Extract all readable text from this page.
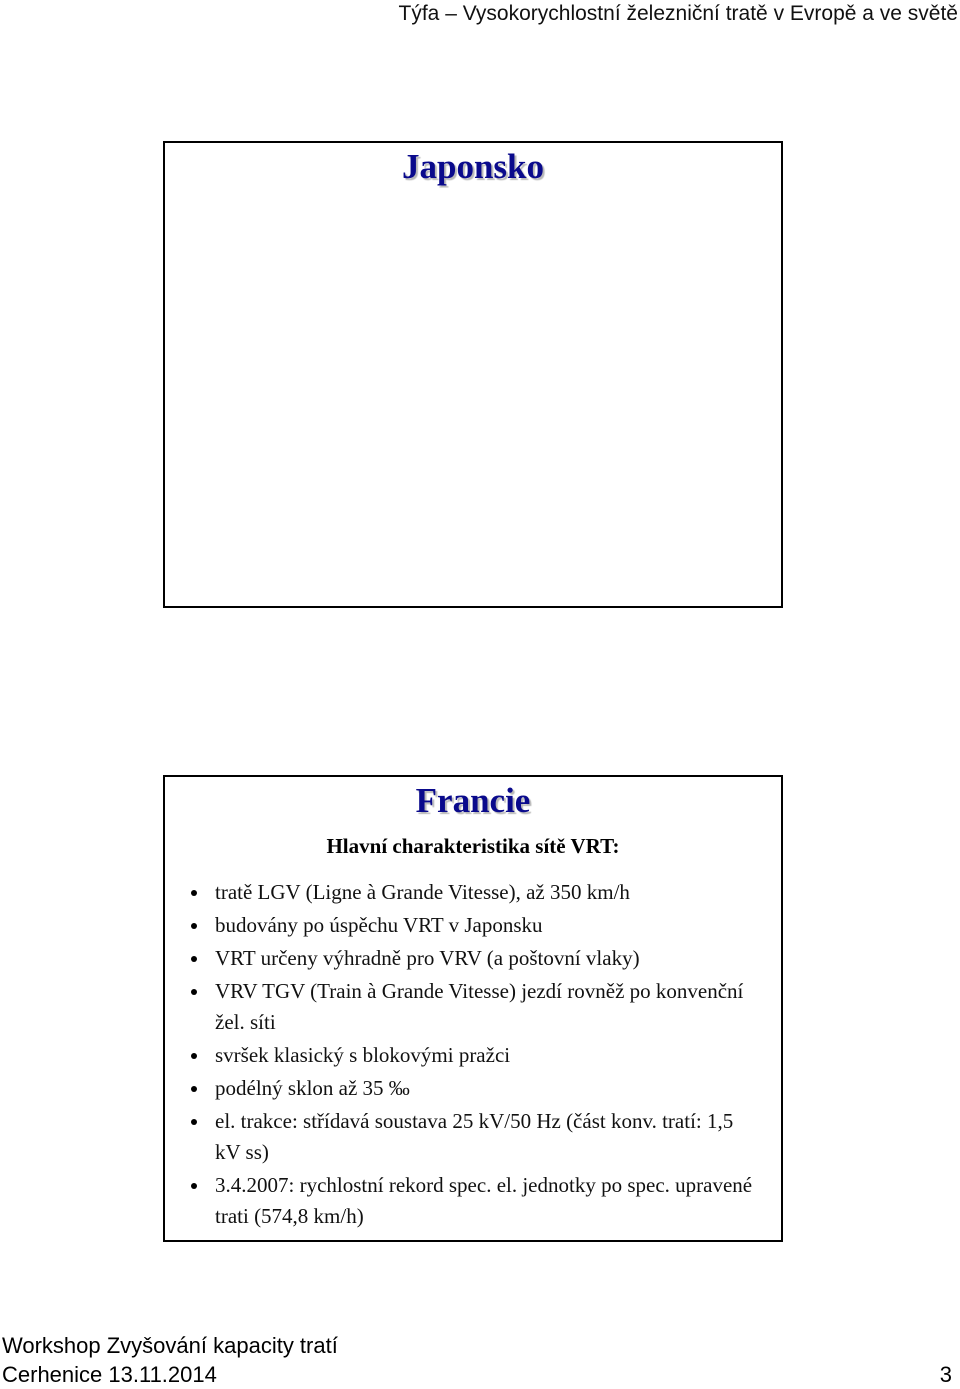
Týfa – Vysokorychlostní železniční tratě v Evropě a ve světě
Japonsko
Francie
Hlavní charakteristika sítě VRT:
tratě LGV (Ligne à Grande Vitesse), až 350 km/h
budovány po úspěchu VRT v Japonsku
VRT určeny výhradně pro VRV (a poštovní vlaky)
VRV TGV (Train à Grande Vitesse) jezdí rovněž po konvenční žel. síti
svršek klasický s blokovými pražci
podélný sklon až 35 ‰
el. trakce: střídavá soustava 25 kV/50 Hz (část konv. tratí: 1,5 kV ss)
3.4.2007: rychlostní rekord spec. el. jednotky po spec. upravené trati (574,8 km/h)
Workshop Zvyšování kapacity tratí
Cerhenice 13.11.2014	3
